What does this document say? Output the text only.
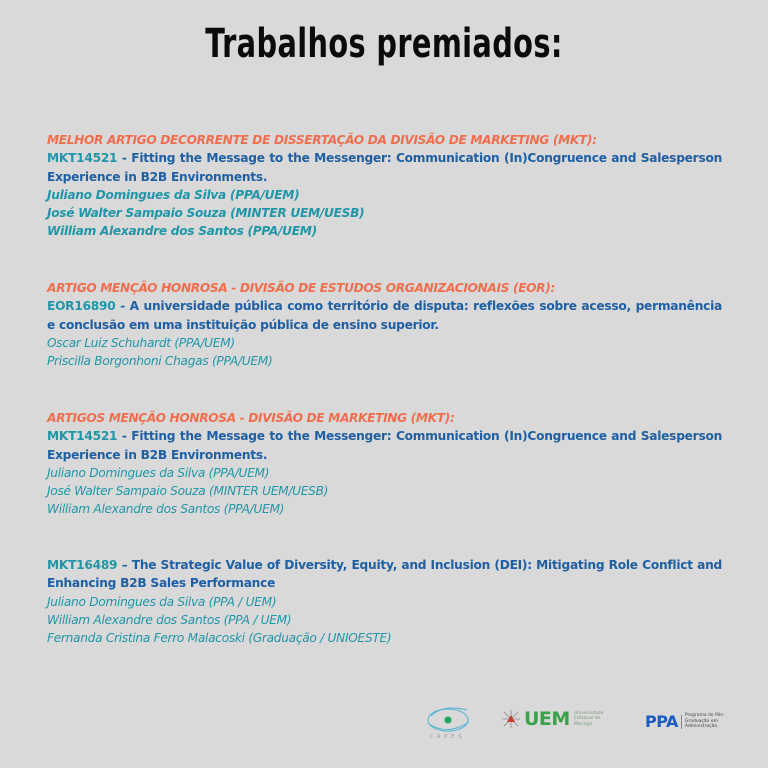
Trabalhos premiados:
MELHOR ARTIGO DECORRENTE DE DISSERTAÇÃO DA DIVISÃO DE MARKETING (MKT):
MKT14521 - Fitting the Message to the Messenger: Communication (In)Congruence and Salesperson Experience in B2B Environments.
Juliano Domingues da Silva (PPA/UEM)
José Walter Sampaio Souza (MINTER UEM/UESB)
William Alexandre dos Santos (PPA/UEM)
ARTIGO MENÇÃO HONROSA - DIVISÃO DE ESTUDOS ORGANIZACIONAIS (EOR):
EOR16890 - A universidade pública como território de disputa: reflexões sobre acesso, permanência e conclusão em uma instituição pública de ensino superior.
Oscar Luiz Schuhardt (PPA/UEM)
Priscilla Borgonhoni Chagas (PPA/UEM)
ARTIGOS MENÇÃO HONROSA - DIVISÃO DE MARKETING (MKT):
MKT14521 - Fitting the Message to the Messenger: Communication (In)Congruence and Salesperson Experience in B2B Environments.
Juliano Domingues da Silva (PPA/UEM)
José Walter Sampaio Souza (MINTER UEM/UESB)
William Alexandre dos Santos (PPA/UEM)
MKT16489 – The Strategic Value of Diversity, Equity, and Inclusion (DEI): Mitigating Role Conflict and Enhancing B2B Sales Performance
Juliano Domingues da Silva (PPA / UEM)
William Alexandre dos Santos (PPA / UEM)
Fernanda Cristina Ferro Malacoski (Graduação / UNIOESTE)
CAPES
UEM Universidade Estadual de Maringá	PPA Programa de Pós-Graduação em Administração
